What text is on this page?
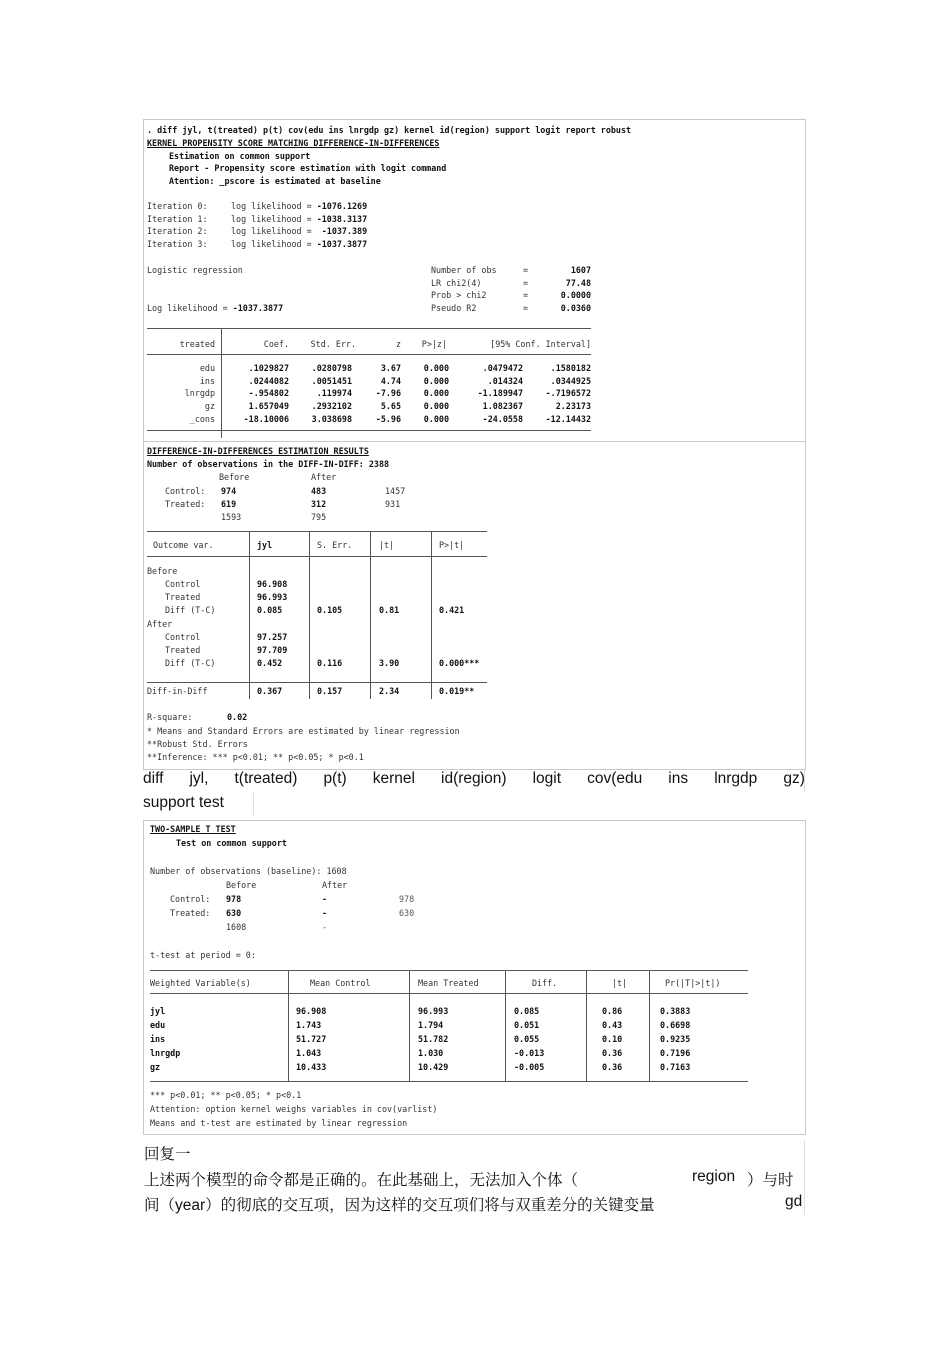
. diff jyl, t(treated) p(t) cov(edu ins lnrgdp gz) kernel id(region) support logit report robust
KERNEL PROPENSITY SCORE MATCHING DIFFERENCE-IN-DIFFERENCES
Estimation on common support
Report - Propensity score estimation with logit command
Atention: _pscore is estimated at baseline
Iteration 0:	log likelihood = -1076.1269
Iteration 1:	log likelihood = -1038.3137
Iteration 2:	log likelihood =  -1037.389
Iteration 3:	log likelihood = -1037.3877
Logistic regression
Log likelihood = -1037.3877
Number of obs	=	1607
LR chi2(4)	=	77.48
Prob > chi2	=	0.0000
Pseudo R2	=	0.0360
treated	Coef.	Std. Err.	z	P>|z|	[95% Conf. Interval]
edu	.1029827	.0280798	3.67	0.000	.0479472	.1580182
ins	.0244082	.0051451	4.74	0.000	.014324	.0344925
lnrgdp	-.954802	.119974	-7.96	0.000	-1.189947	-.7196572
gz	1.657049	.2932102	5.65	0.000	1.082367	2.23173
_cons	-18.10006	3.038698	-5.96	0.000	-24.0558	-12.14432
DIFFERENCE-IN-DIFFERENCES ESTIMATION RESULTS
Number of observations in the DIFF-IN-DIFF: 2388
Before	After
Control: 974	483	1457
Treated: 619	312	931
1593	795
Outcome var.	jyl	S. Err.	|t|	P>|t|
Before
Control	96.908
Treated	96.993
Diff (T-C)	0.085	0.105	0.81	0.421
After
Control	97.257
Treated	97.709
Diff (T-C)	0.452	0.116	3.90	0.000***
Diff-in-Diff	0.367	0.157	2.34	0.019**
R-square:	0.02
* Means and Standard Errors are estimated by linear regression
**Robust Std. Errors
**Inference: *** p<0.01; ** p<0.05; * p<0.1
diff jyl, t(treated) p(t) kernel id(region) logit cov(edu ins lnrgdp gz)
support test
TWO-SAMPLE T TEST
Test on common support
Number of observations (baseline): 1608
Before	After
Control: 978	-	978
Treated: 630	-	630
1608	-
t-test at period = 0:
Weighted Variable(s)	Mean Control	Mean Treated	Diff.	|t|	Pr(|T|>|t|)
jyl	96.908	96.993	0.085	0.86	0.3883
edu	1.743	1.794	0.051	0.43	0.6698
ins	51.727	51.782	0.055	0.10	0.9235
lnrgdp	1.043	1.030	-0.013	0.36	0.7196
gz	10.433	10.429	-0.005	0.36	0.7163
*** p<0.01; ** p<0.05; * p<0.1
Attention: option kernel weighs variables in cov(varlist)
Means and t-test are estimated by linear regression
回复一
上述两个模型的命令都是正确的。在此基础上，无法加入个体（	region ）与时
间（year）的彻底的交互项，因为这样的交互项们将与双重差分的关键变量	gd
